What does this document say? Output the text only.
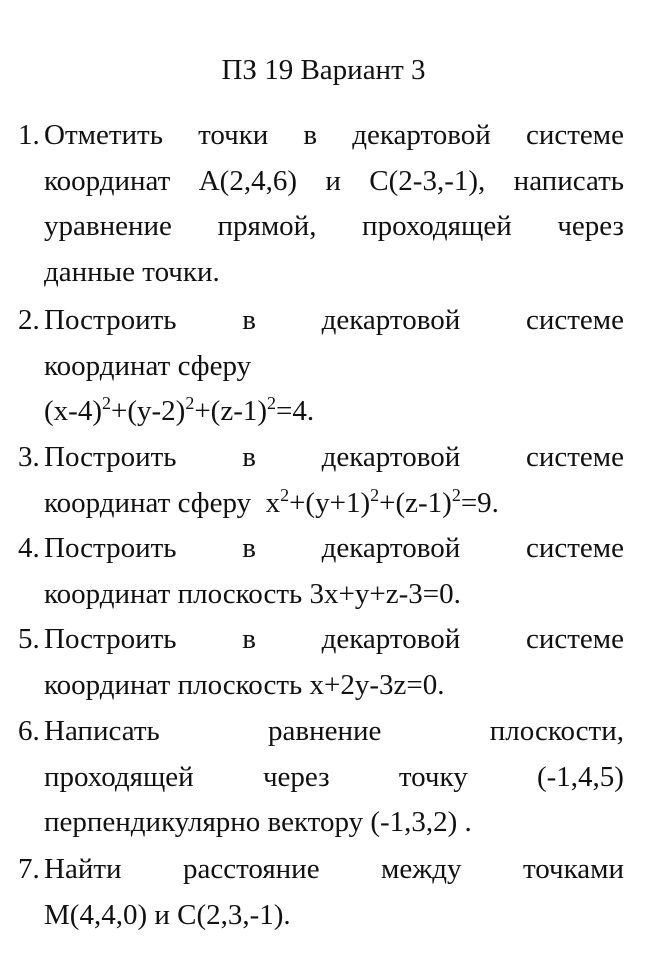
ПЗ 19 Вариант 3
1. Отметить точки в декартовой системе
координат А(2,4,6) и С(2-3,-1), написать
уравнение прямой, проходящей через
данные точки.
2. Построить в декартовой системе
координат сферу
$(x-4)^2+(y-2)^2+(z-1)^2=4$.
3. Построить в декартовой системе
координат сферу $x^2+(y+1)^2+(z-1)^2=9$.
4. Построить в декартовой системе
координат плоскость 3x+y+z-3=0.
5. Построить в декартовой системе
координат плоскость x+2y-3z=0.
6. Написать	равнение	плоскости,
проходящей через точку (-1,4,5)
перпендикулярно вектору (-1,3,2) .
7. Найти расстояние между точками
М(4,4,0) и С(2,3,-1).
